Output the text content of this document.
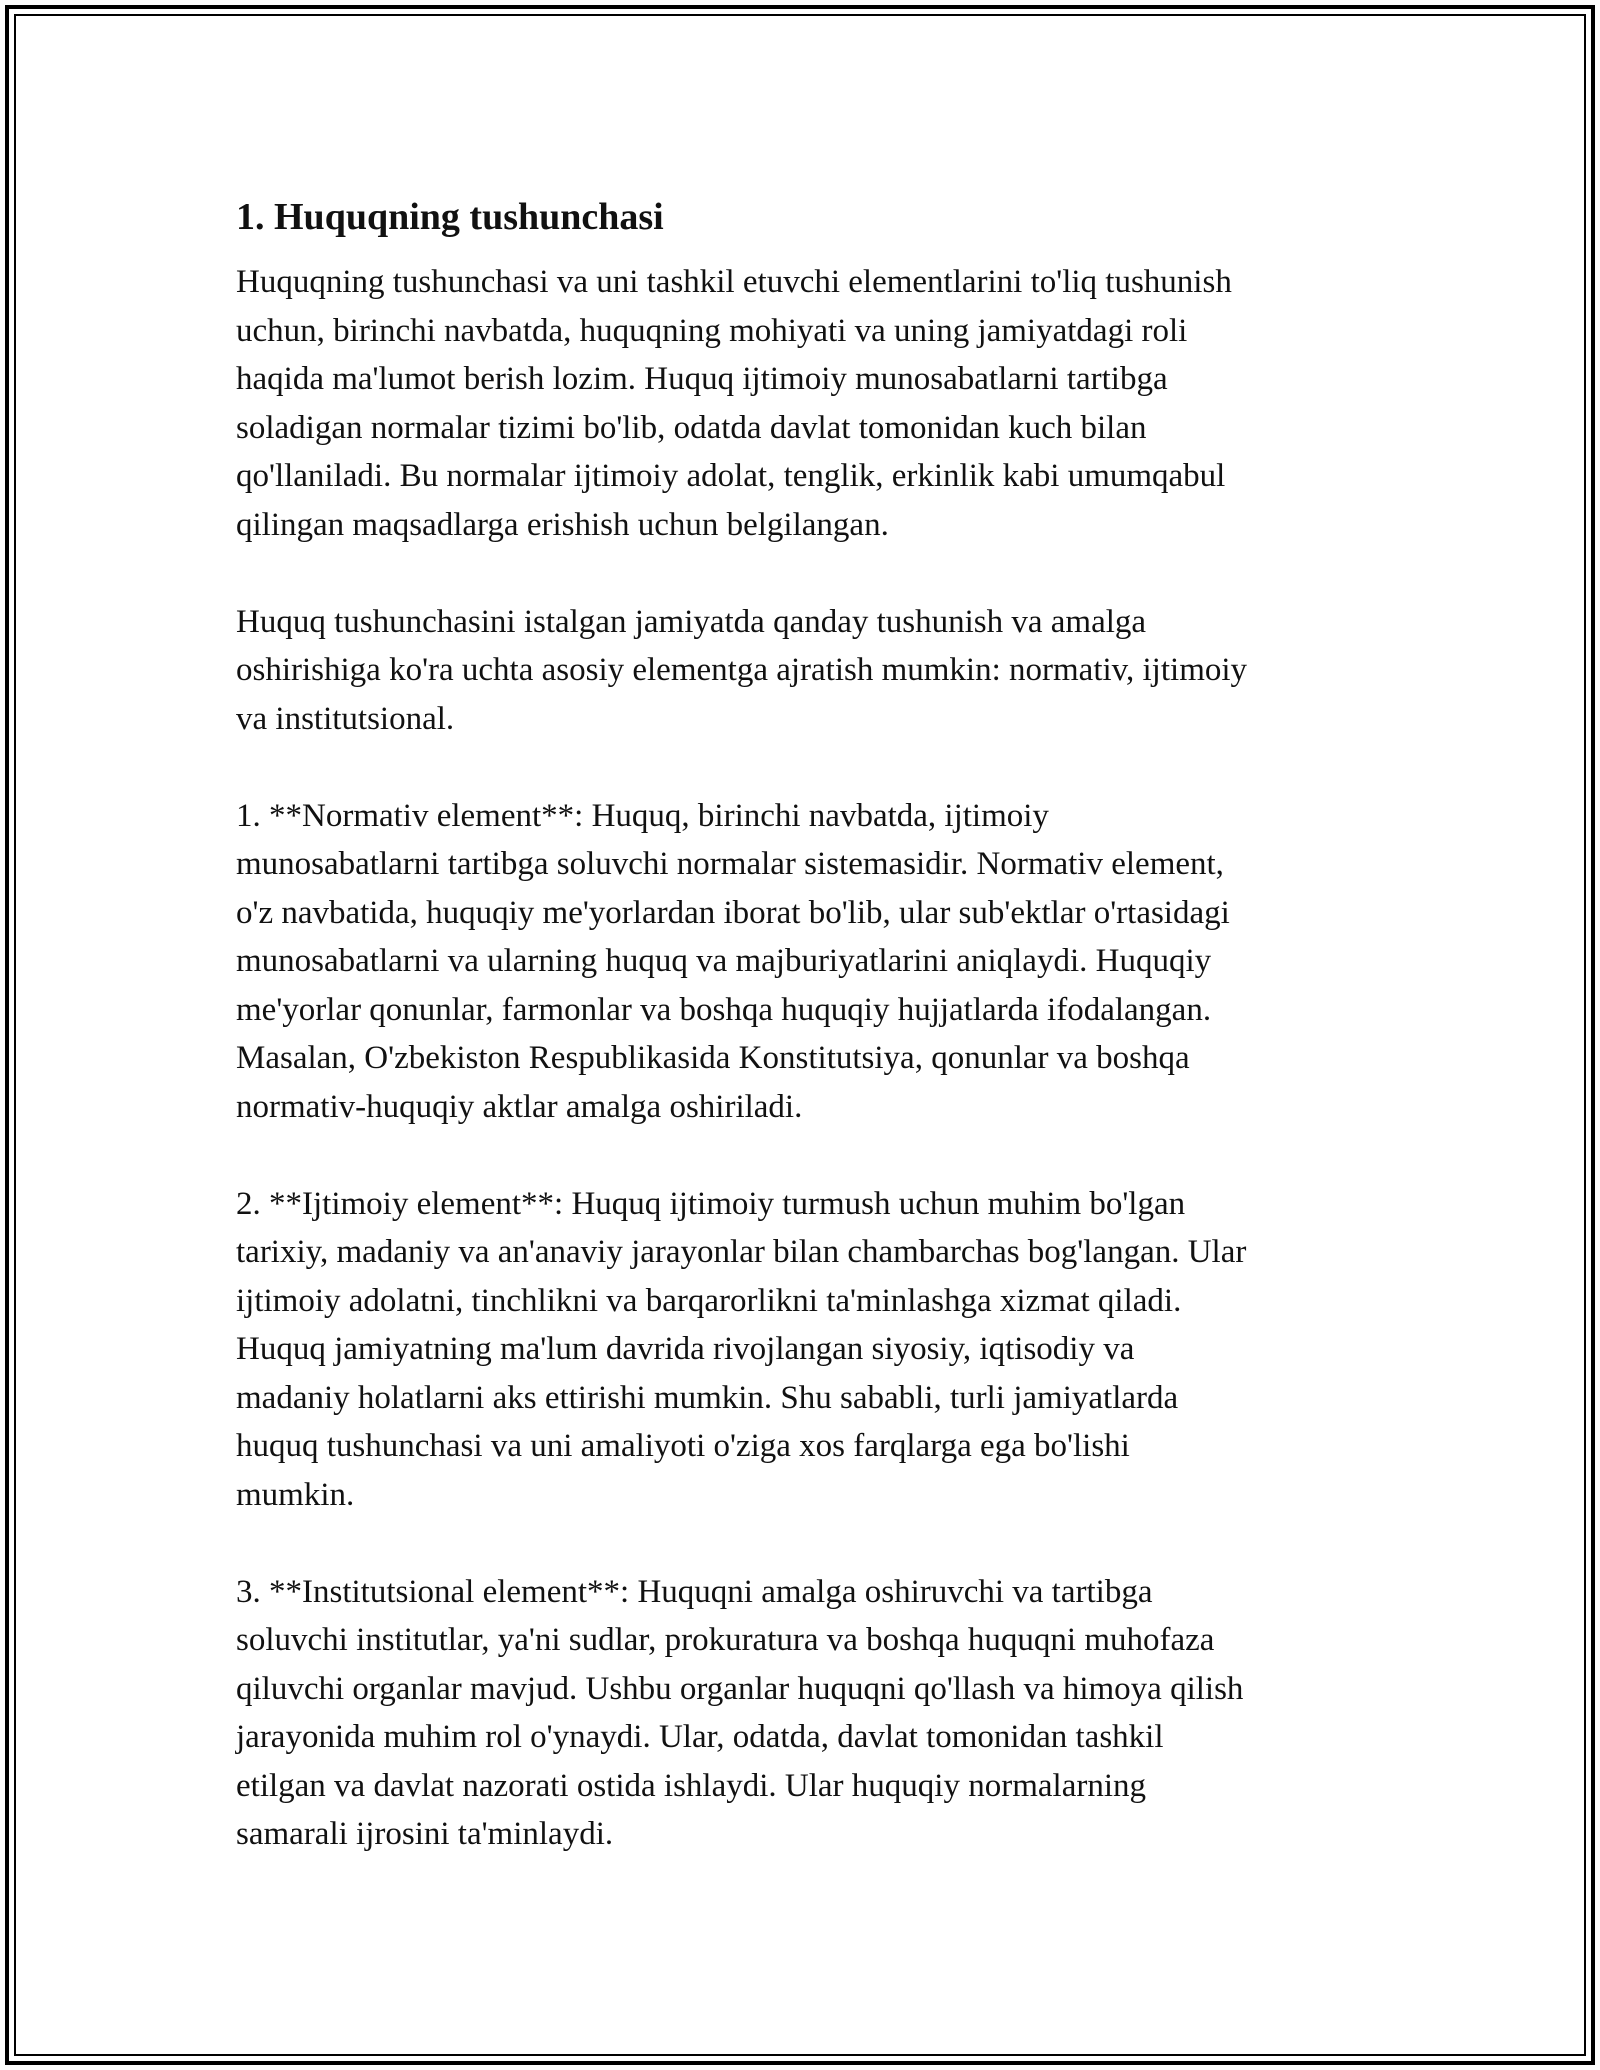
1. Huquqning tushunchasi

Huquqning tushunchasi va uni tashkil etuvchi elementlarini to'liq tushunish
uchun, birinchi navbatda, huquqning mohiyati va uning jamiyatdagi roli
haqida ma'lumot berish lozim. Huquq ijtimoiy munosabatlarni tartibga
soladigan normalar tizimi bo'lib, odatda davlat tomonidan kuch bilan
qo'llaniladi. Bu normalar ijtimoiy adolat, tenglik, erkinlik kabi umumqabul
qilingan maqsadlarga erishish uchun belgilangan.

Huquq tushunchasini istalgan jamiyatda qanday tushunish va amalga
oshirishiga ko'ra uchta asosiy elementga ajratish mumkin: normativ, ijtimoiy
va institutsional.

1. **Normativ element**: Huquq, birinchi navbatda, ijtimoiy
munosabatlarni tartibga soluvchi normalar sistemasidir. Normativ element,
o'z navbatida, huquqiy me'yorlardan iborat bo'lib, ular sub'ektlar o'rtasidagi
munosabatlarni va ularning huquq va majburiyatlarini aniqlaydi. Huquqiy
me'yorlar qonunlar, farmonlar va boshqa huquqiy hujjatlarda ifodalangan.
Masalan, O'zbekiston Respublikasida Konstitutsiya, qonunlar va boshqa
normativ-huquqiy aktlar amalga oshiriladi.

2. **Ijtimoiy element**: Huquq ijtimoiy turmush uchun muhim bo'lgan
tarixiy, madaniy va an'anaviy jarayonlar bilan chambarchas bog'langan. Ular
ijtimoiy adolatni, tinchlikni va barqarorlikni ta'minlashga xizmat qiladi.
Huquq jamiyatning ma'lum davrida rivojlangan siyosiy, iqtisodiy va
madaniy holatlarni aks ettirishi mumkin. Shu sababli, turli jamiyatlarda
huquq tushunchasi va uni amaliyoti o'ziga xos farqlarga ega bo'lishi
mumkin.

3. **Institutsional element**: Huquqni amalga oshiruvchi va tartibga
soluvchi institutlar, ya'ni sudlar, prokuratura va boshqa huquqni muhofaza
qiluvchi organlar mavjud. Ushbu organlar huquqni qo'llash va himoya qilish
jarayonida muhim rol o'ynaydi. Ular, odatda, davlat tomonidan tashkil
etilgan va davlat nazorati ostida ishlaydi. Ular huquqiy normalarning
samarali ijrosini ta'minlaydi.
